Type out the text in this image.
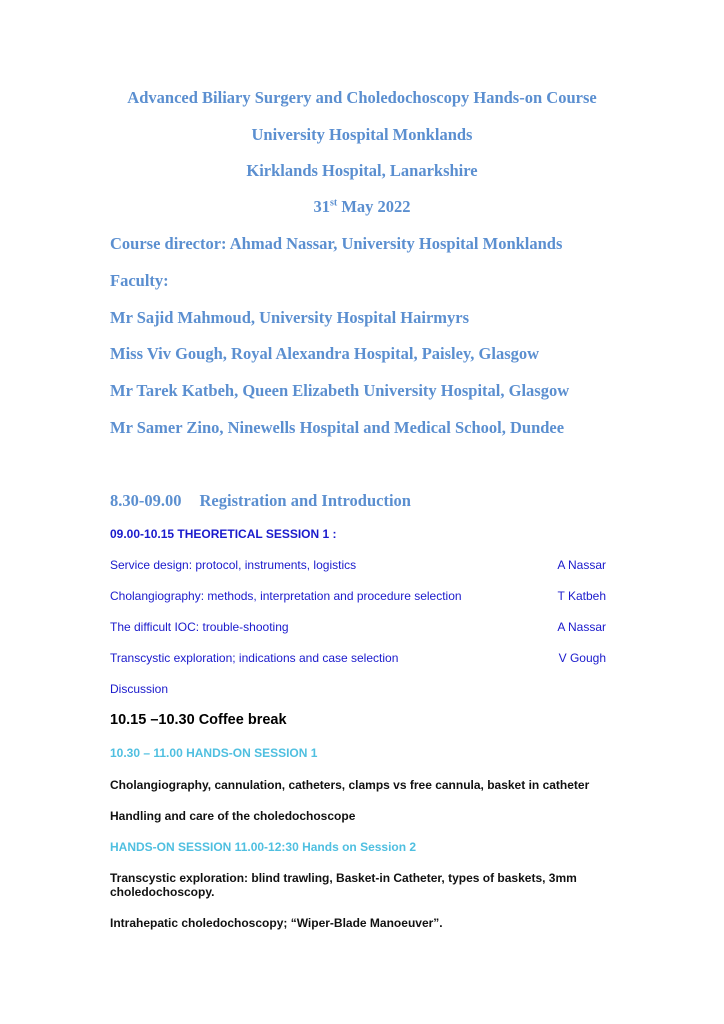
Advanced Biliary Surgery and Choledochoscopy Hands-on Course
University Hospital Monklands
Kirklands Hospital, Lanarkshire
31st May 2022
Course director: Ahmad Nassar, University Hospital Monklands
Faculty:
Mr Sajid Mahmoud, University Hospital Hairmyrs
Miss Viv Gough, Royal Alexandra Hospital, Paisley, Glasgow
Mr Tarek Katbeh, Queen Elizabeth University Hospital, Glasgow
Mr Samer Zino, Ninewells Hospital and Medical School, Dundee
8.30-09.00 Registration and Introduction
09.00-10.15 THEORETICAL SESSION 1 :
Service design: protocol, instruments, logistics	A Nassar
Cholangiography: methods, interpretation and procedure selection	T Katbeh
The difficult IOC: trouble-shooting	A Nassar
Transcystic exploration; indications and case selection	V Gough
Discussion
10.15 –10.30 Coffee break
10.30 – 11.00 HANDS-ON SESSION 1
Cholangiography, cannulation, catheters, clamps vs free cannula, basket in catheter
Handling and care of the choledochoscope
HANDS-ON SESSION 11.00-12:30 Hands on Session 2
Transcystic exploration: blind trawling, Basket-in Catheter, types of baskets, 3mm
choledochoscopy.
Intrahepatic choledochoscopy; “Wiper-Blade Manoeuver”.
